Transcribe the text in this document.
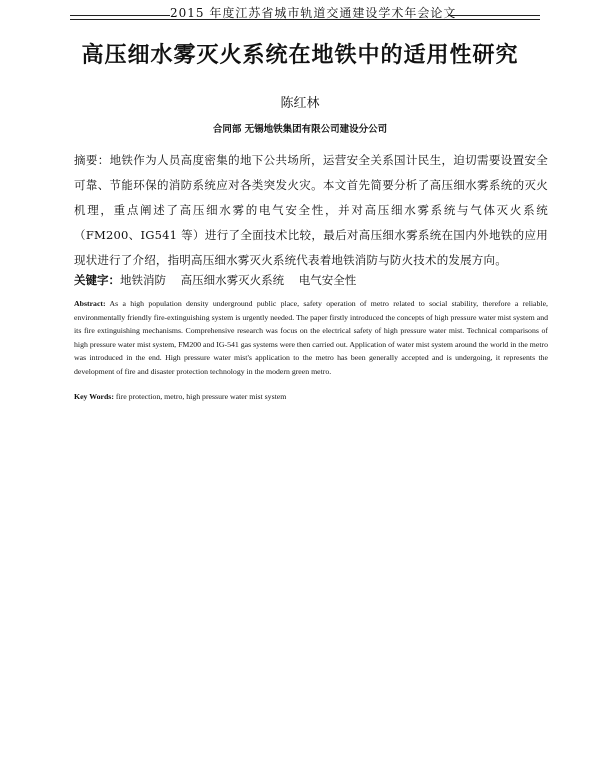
2015 年度江苏省城市轨道交通建设学术年会论文
高压细水雾灭火系统在地铁中的适用性研究
陈红林
合同部 无锡地铁集团有限公司建设分公司
摘要：地铁作为人员高度密集的地下公共场所，运营安全关系国计民生，迫切需要设置安全可靠、节能环保的消防系统应对各类突发火灾。本文首先简要分析了高压细水雾系统的灭火机理，重点阐述了高压细水雾的电气安全性，并对高压细水雾系统与气体灭火系统（FM200、IG541 等）进行了全面技术比较，最后对高压细水雾系统在国内外地铁的应用现状进行了介绍，指明高压细水雾灭火系统代表着地铁消防与防火技术的发展方向。
关键字：地铁消防    高压细水雾灭火系统    电气安全性
Abstract: As a high population density underground public place, safety operation of metro related to social stability, therefore a reliable, environmentally friendly fire-extinguishing system is urgently needed. The paper firstly introduced the concepts of high pressure water mist system and its fire extinguishing mechanisms. Comprehensive research was focus on the electrical safety of high pressure water mist. Technical comparisons of high pressure water mist system, FM200 and IG-541 gas systems were then carried out. Application of water mist system around the world in the metro was introduced in the end. High pressure water mist's application to the metro has been generally accepted and is undergoing, it represents the development of fire and disaster protection technology in the modern green metro.
Key Words: fire protection, metro, high pressure water mist system
